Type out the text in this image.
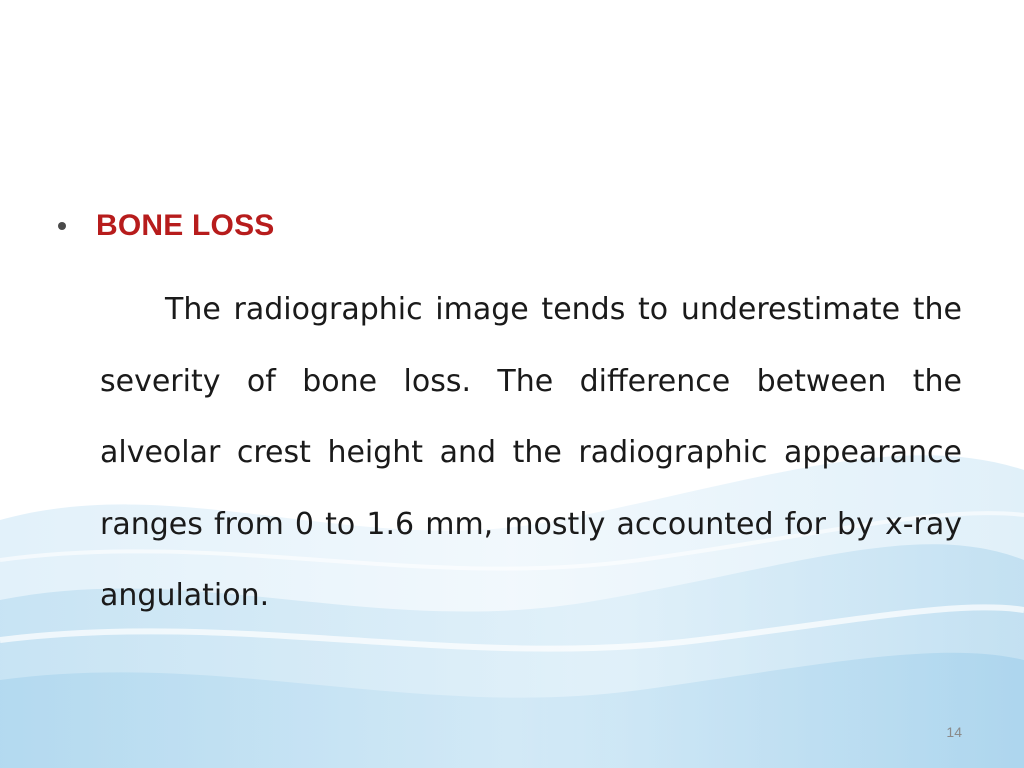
BONE LOSS

The radiographic image tends to underestimate the severity of bone loss. The difference between the alveolar crest height and the radiographic appearance ranges from 0 to 1.6 mm, mostly accounted for by x-ray angulation.

14
